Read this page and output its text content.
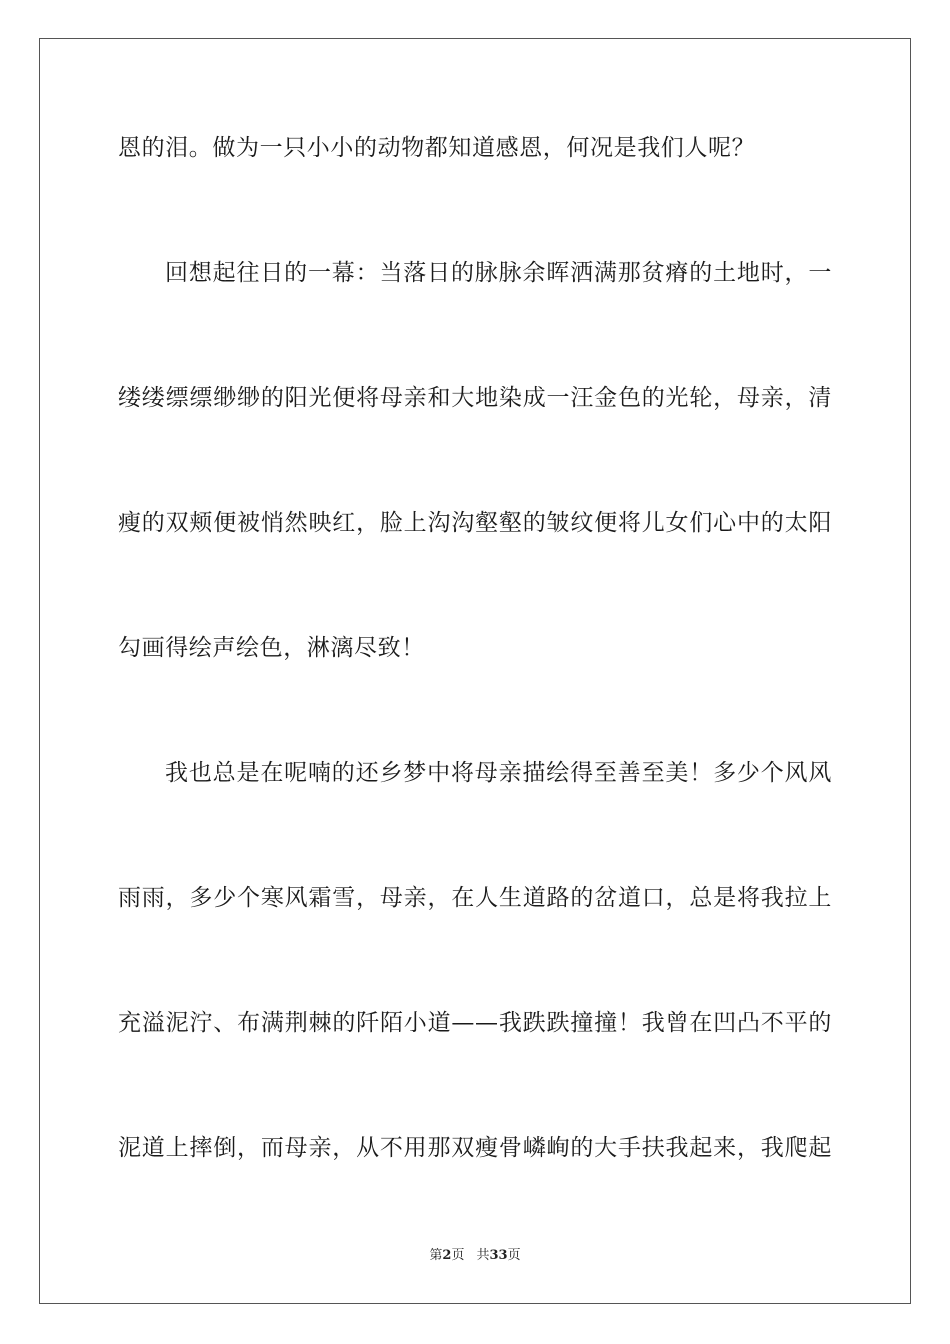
恩的泪。做为一只小小的动物都知道感恩，何况是我们人呢？
回想起往日的一幕：当落日的脉脉余晖洒满那贫瘠的土地时，一
缕缕缥缥缈缈的阳光便将母亲和大地染成一汪金色的光轮，母亲，清
瘦的双颊便被悄然映红，脸上沟沟壑壑的皱纹便将儿女们心中的太阳
勾画得绘声绘色，淋漓尽致！
我也总是在呢喃的还乡梦中将母亲描绘得至善至美！多少个风风
雨雨，多少个寒风霜雪，母亲，在人生道路的岔道口，总是将我拉上
充溢泥泞、布满荆棘的阡陌小道——我跌跌撞撞！我曾在凹凸不平的
泥道上摔倒，而母亲，从不用那双瘦骨嶙峋的大手扶我起来，我爬起
第2页 共33页
